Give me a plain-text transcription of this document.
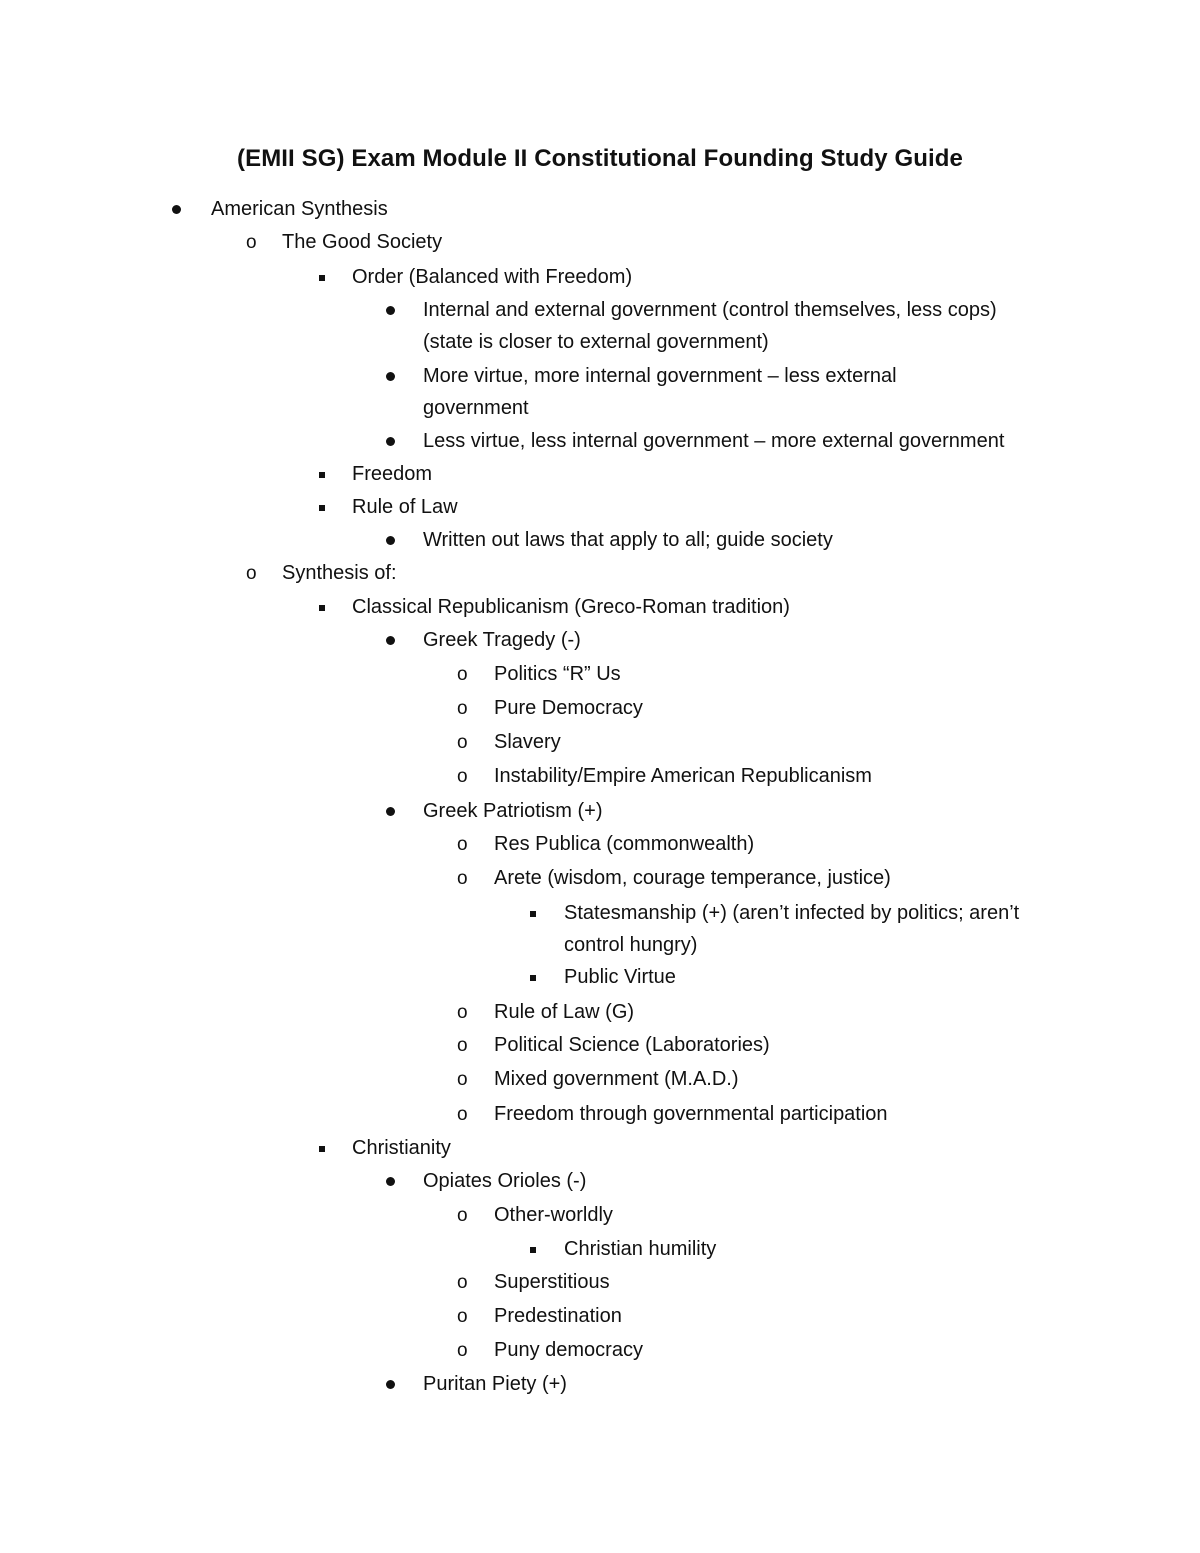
(EMII SG) Exam Module II Constitutional Founding Study Guide
American Synthesis
The Good Society
o
Order (Balanced with Freedom)
Internal and external government (control themselves, less cops)
(state is closer to external government)
More virtue, more internal government – less external
government
Less virtue, less internal government – more external government
Freedom
Rule of Law
Written out laws that apply to all; guide society
Synthesis of:
o
Classical Republicanism (Greco-Roman tradition)
Greek Tragedy (-)
Politics “R” Us
o
Pure Democracy
o
Slavery
o
Instability/Empire American Republicanism
o
Greek Patriotism (+)
Res Publica (commonwealth)
o
Arete (wisdom, courage temperance, justice)
o
Statesmanship (+) (aren’t infected by politics; aren’t
control hungry)
Public Virtue
Rule of Law (G)
o
Political Science (Laboratories)
o
Mixed government (M.A.D.)
o
Freedom through governmental participation
o
Christianity
Opiates Orioles (-)
Other-worldly
o
Christian humility
Superstitious
o
Predestination
o
Puny democracy
o
Puritan Piety (+)
